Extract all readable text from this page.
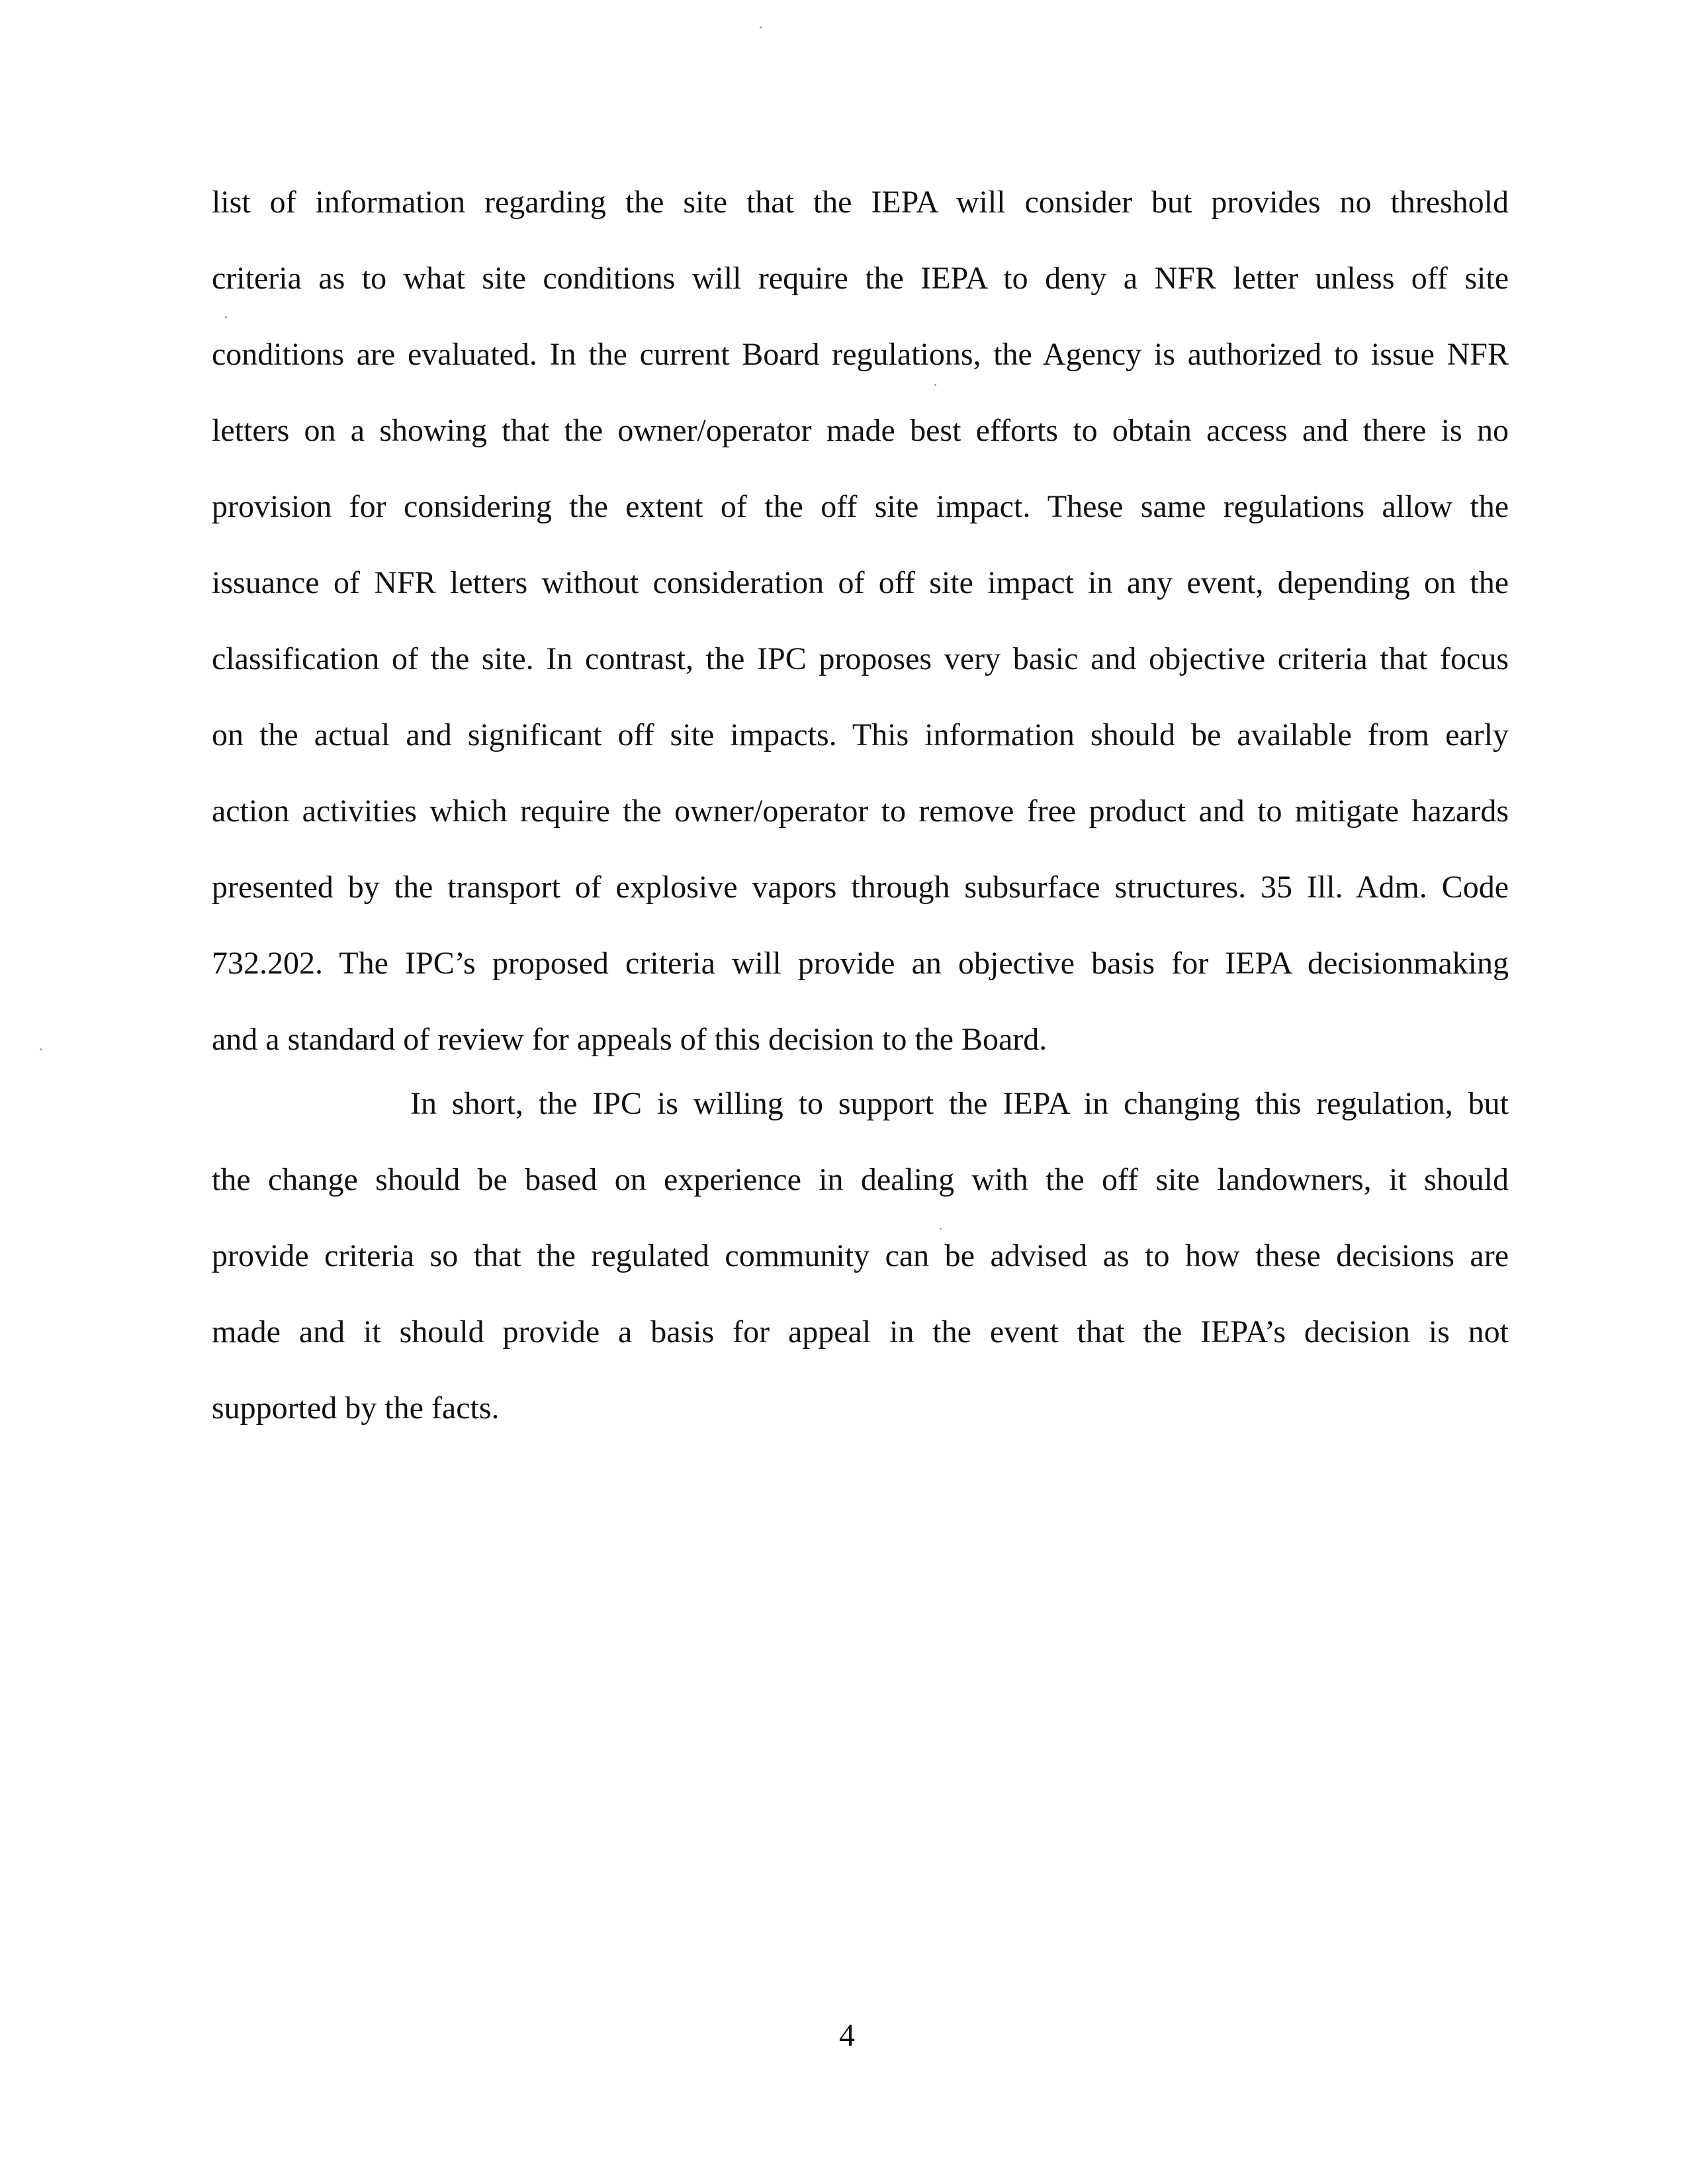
list of information regarding the site that the IEPA will consider but provides no threshold
criteria as to what site conditions will require the IEPA to deny a NFR letter unless off site
conditions are evaluated. In the current Board regulations, the Agency is authorized to issue NFR
letters on a showing that the owner/operator made best efforts to obtain access and there is no
provision for considering the extent of the off site impact. These same regulations allow the
issuance of NFR letters without consideration of off site impact in any event, depending on the
classification of the site. In contrast, the IPC proposes very basic and objective criteria that focus
on the actual and significant off site impacts. This information should be available from early
action activities which require the owner/operator to remove free product and to mitigate hazards
presented by the transport of explosive vapors through subsurface structures. 35 Ill. Adm. Code
732.202. The IPC’s proposed criteria will provide an objective basis for IEPA decisionmaking
and a standard of review for appeals of this decision to the Board.
In short, the IPC is willing to support the IEPA in changing this regulation, but
the change should be based on experience in dealing with the off site landowners, it should
provide criteria so that the regulated community can be advised as to how these decisions are
made and it should provide a basis for appeal in the event that the IEPA’s decision is not
supported by the facts.
4
